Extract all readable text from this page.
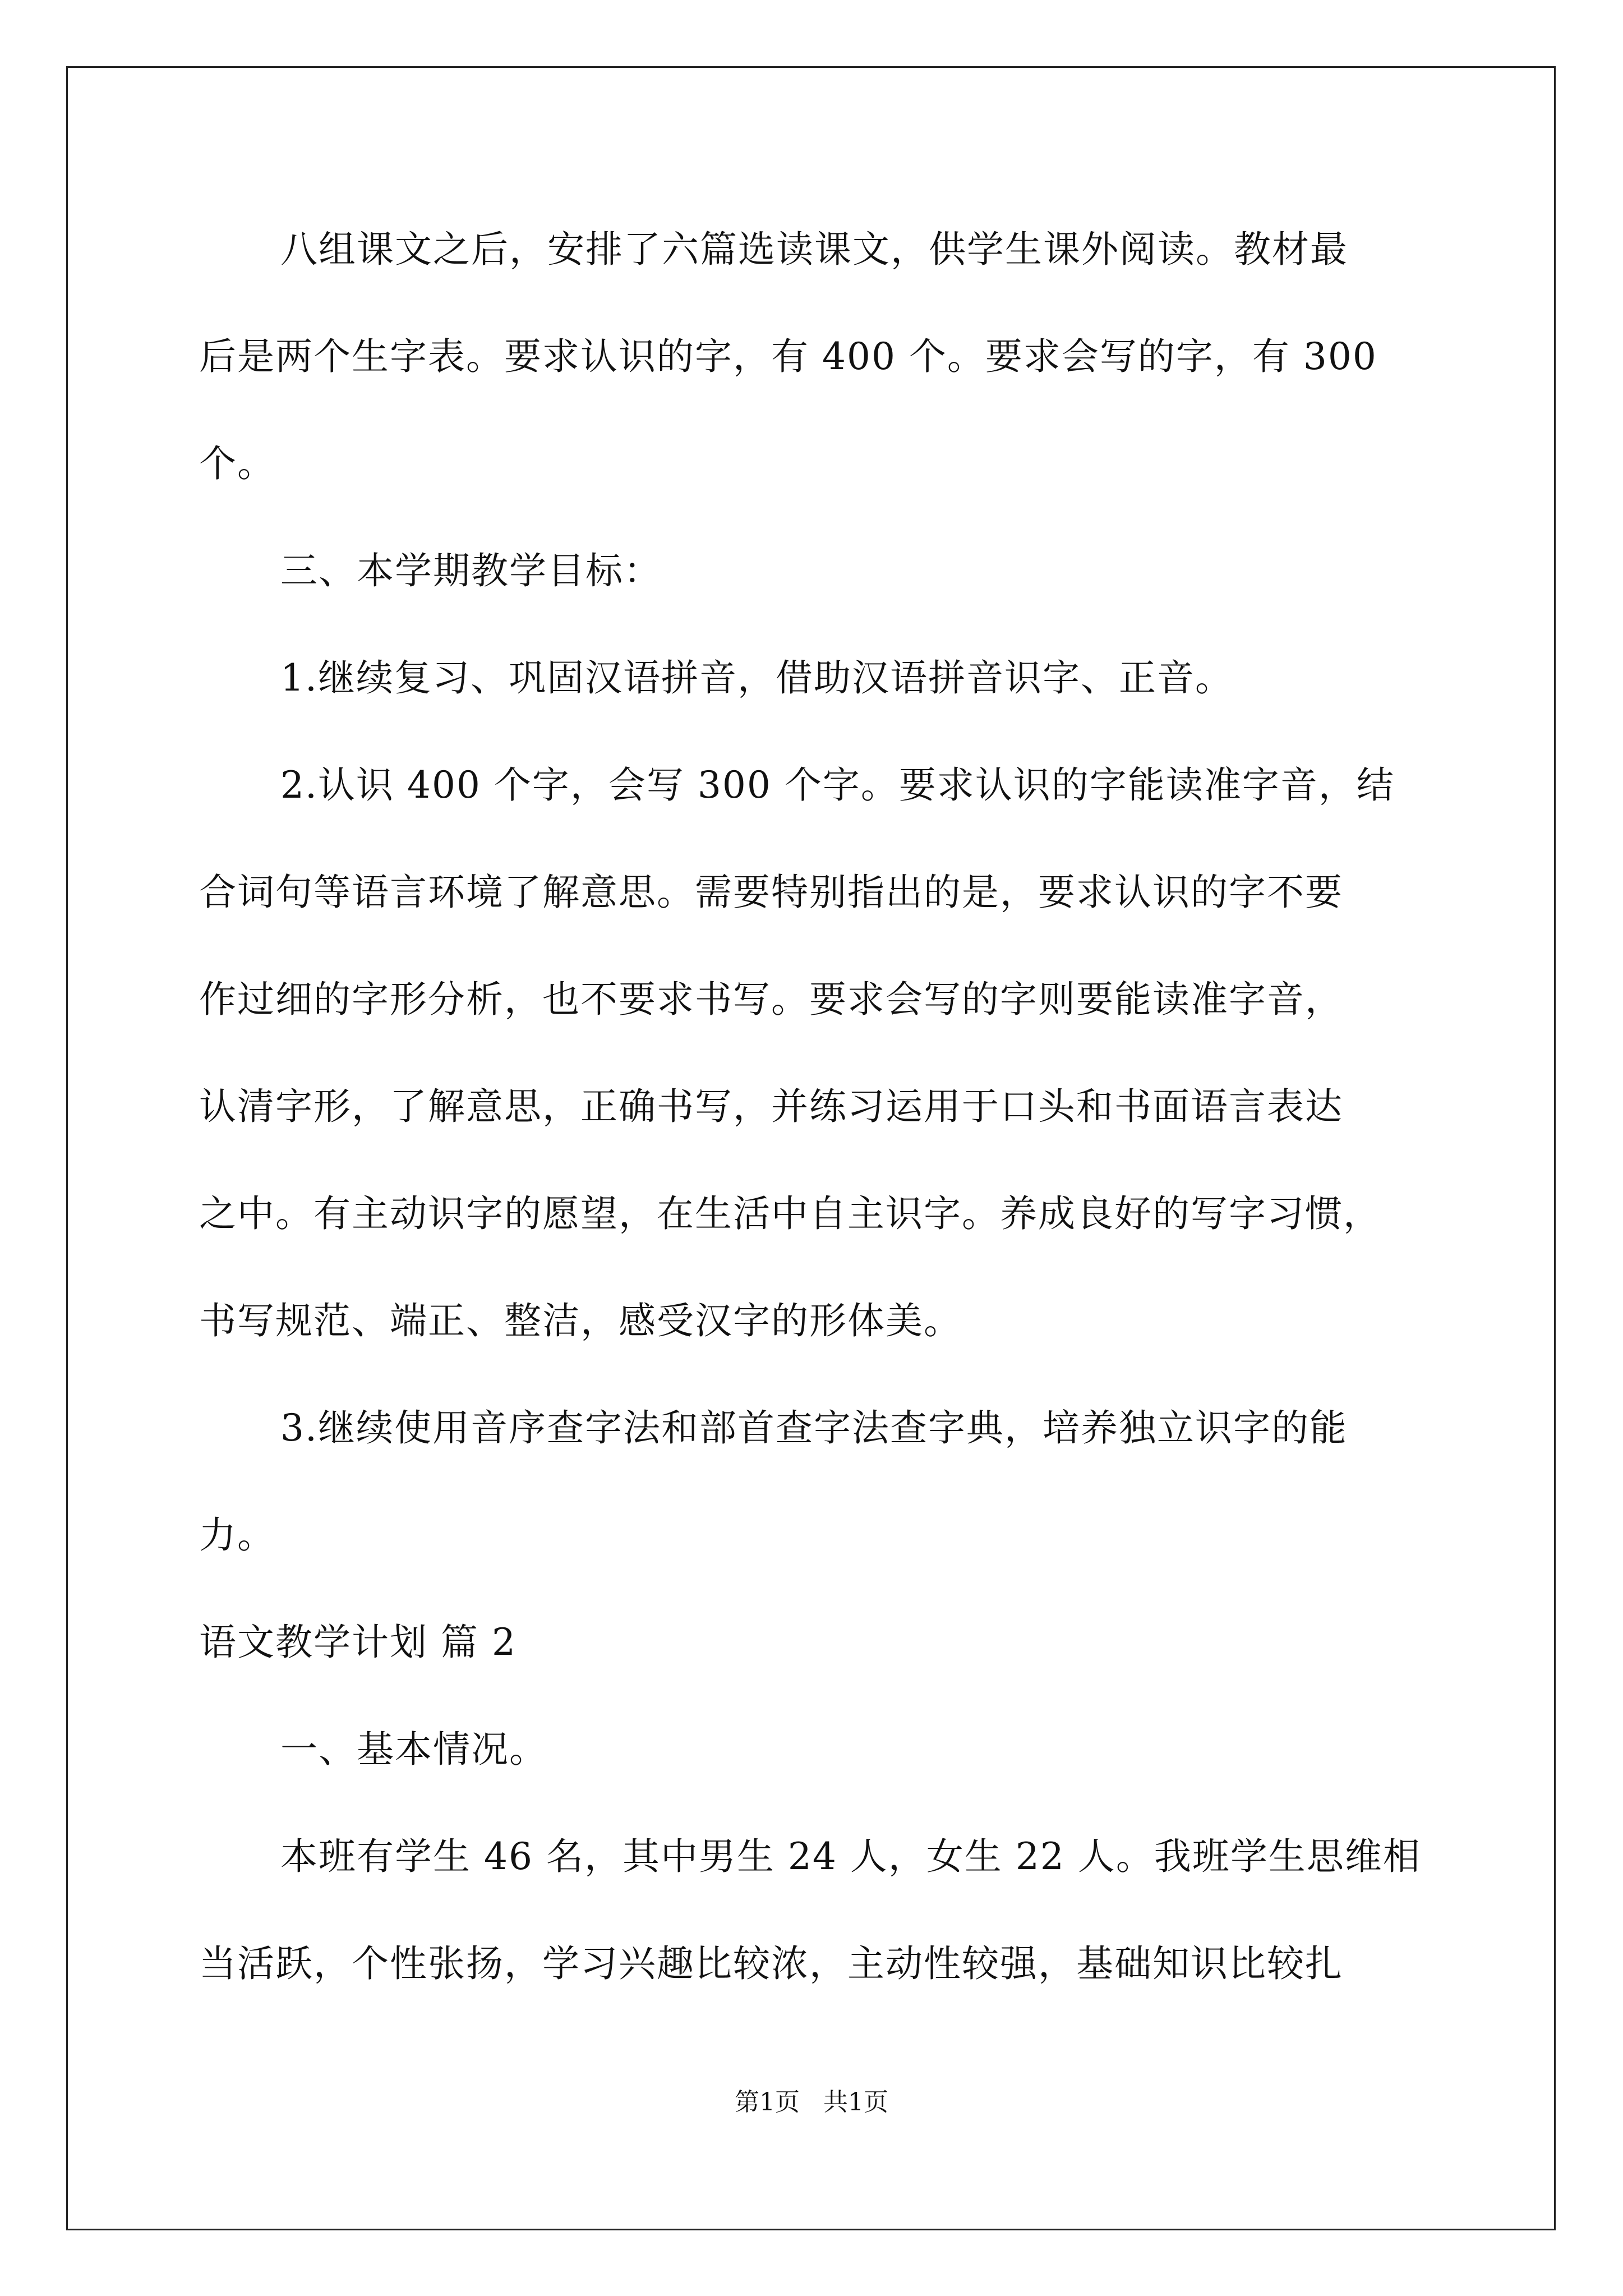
八组课文之后，安排了六篇选读课文，供学生课外阅读。教材最
后是两个生字表。要求认识的字，有 400 个。要求会写的字，有 300
个。
三、本学期教学目标：
1.继续复习、巩固汉语拼音，借助汉语拼音识字、正音。
2.认识 400 个字，会写 300 个字。要求认识的字能读准字音，结
合词句等语言环境了解意思。需要特别指出的是，要求认识的字不要
作过细的字形分析，也不要求书写。要求会写的字则要能读准字音，
认清字形，了解意思，正确书写，并练习运用于口头和书面语言表达
之中。有主动识字的愿望，在生活中自主识字。养成良好的写字习惯，
书写规范、端正、整洁，感受汉字的形体美。
3.继续使用音序查字法和部首查字法查字典，培养独立识字的能
力。
语文教学计划 篇 2
一、基本情况。
本班有学生 46 名，其中男生 24 人，女生 22 人。我班学生思维相
当活跃，个性张扬，学习兴趣比较浓，主动性较强，基础知识比较扎
第1页   共1页
